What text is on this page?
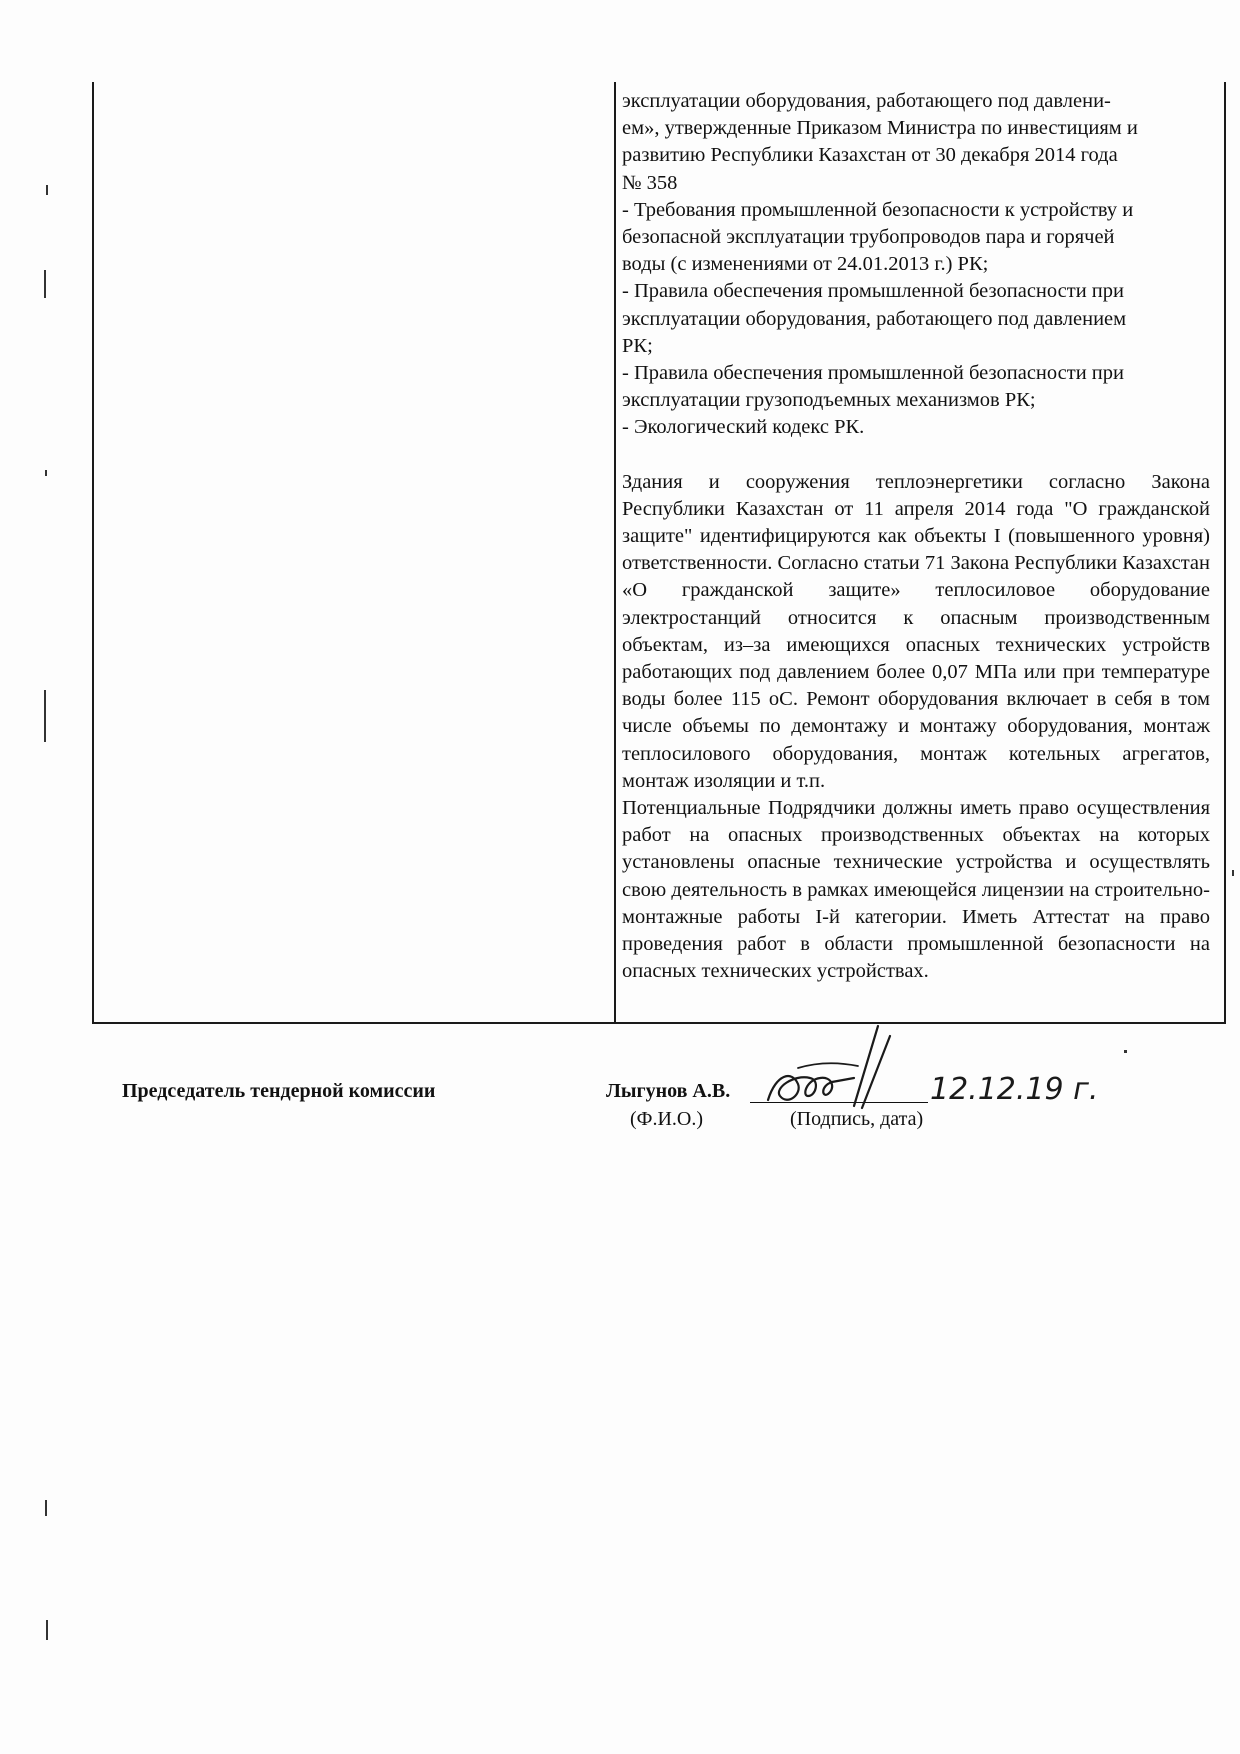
эксплуатации оборудования, работающего под давлени-

ем», утвержденные Приказом Министра по инвестициям и

развитию Республики Казахстан от 30 декабря 2014 года

№ 358

- Требования промышленной безопасности к устройству и

безопасной эксплуатации трубопроводов пара и горячей

воды (с изменениями от 24.01.2013 г.) РК;

- Правила обеспечения промышленной безопасности при

эксплуатации оборудования, работающего под давлением

РК;

- Правила обеспечения промышленной безопасности при

эксплуатации грузоподъемных механизмов РК;

- Экологический кодекс РК.

Здания и сооружения теплоэнергетики согласно Закона Республики Казахстан от 11 апреля 2014 года "О гражданской защите" идентифицируются как объекты I (повышенного уровня) ответственности. Согласно статьи 71 Закона Республики Казахстан «О гражданской защите» теплосиловое оборудование электростанций относится к опасным производственным объектам, из–за имеющихся опасных технических устройств работающих под давлением более 0,07 МПа или при температуре воды более 115 оС. Ремонт оборудования включает в себя в том числе объемы по демонтажу и монтажу оборудования, монтаж теплосилового оборудования, монтаж котельных агрегатов, монтаж изоляции и т.п.

Потенциальные Подрядчики должны иметь право осуществления работ на опасных производственных объектах на которых установлены опасные технические устройства и осуществлять свою деятельность в рамках имеющейся лицензии на строительно-монтажные работы I-й категории. Иметь Аттестат на право проведения работ в области промышленной безопасности на опасных технических устройствах.

Председатель тендерной комиссии	Лыгунов А.В.	12.12.19 г.
(Ф.И.О.)	(Подпись, дата)
